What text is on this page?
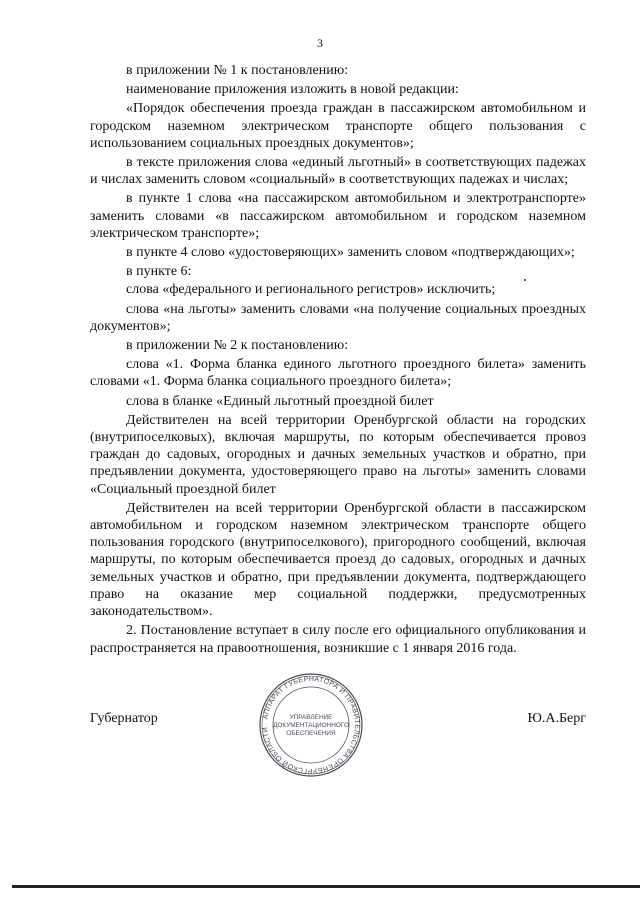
3

в приложении № 1 к постановлению:

наименование приложения изложить в новой редакции:

«Порядок обеспечения проезда граждан в пассажирском автомобильном и городском наземном электрическом транспорте общего пользования с использованием социальных проездных документов»;

в тексте приложения слова «единый льготный» в соответствующих падежах и числах заменить словом «социальный» в соответствующих падежах и числах;

в пункте 1 слова «на пассажирском автомобильном и электротранспорте» заменить словами «в пассажирском автомобильном и городском наземном электрическом транспорте»;

в пункте 4 слово «удостоверяющих» заменить словом «подтверждающих»;

в пункте 6:

слова «федерального и регионального регистров» исключить;

слова «на льготы» заменить словами «на получение социальных проездных документов»;

в приложении № 2 к постановлению:

слова «1. Форма бланка единого льготного проездного билета» заменить словами «1. Форма бланка социального проездного билета»;

слова в бланке «Единый льготный проездной билет

Действителен на всей территории Оренбургской области на городских (внутрипоселковых), включая маршруты, по которым обеспечивается провоз граждан до садовых, огородных и дачных земельных участков и обратно, при предъявлении документа, удостоверяющего право на льготы» заменить словами «Социальный проездной билет

Действителен на всей территории Оренбургской области в пассажирском автомобильном и городском наземном электрическом транспорте общего пользования городского (внутрипоселкового), пригородного сообщений, включая маршруты, по которым обеспечивается проезд до садовых, огородных и дачных земельных участков и обратно, при предъявлении документа, подтверждающего право на оказание мер социальной поддержки, предусмотренных законодательством».

2. Постановление вступает в силу после его официального опубликования и распространяется на правоотношения, возникшие с 1 января 2016 года.

Губернатор	Ю.А.Берг
АППАРАТ ГУБЕРНАТОРА И ПРАВИТЕЛЬСТВА ОРЕНБУРГСКОЙ ОБЛАСТИ
УПРАВЛЕНИЕ
ДОКУМЕНТАЦИОННОГО
ОБЕСПЕЧЕНИЯ
